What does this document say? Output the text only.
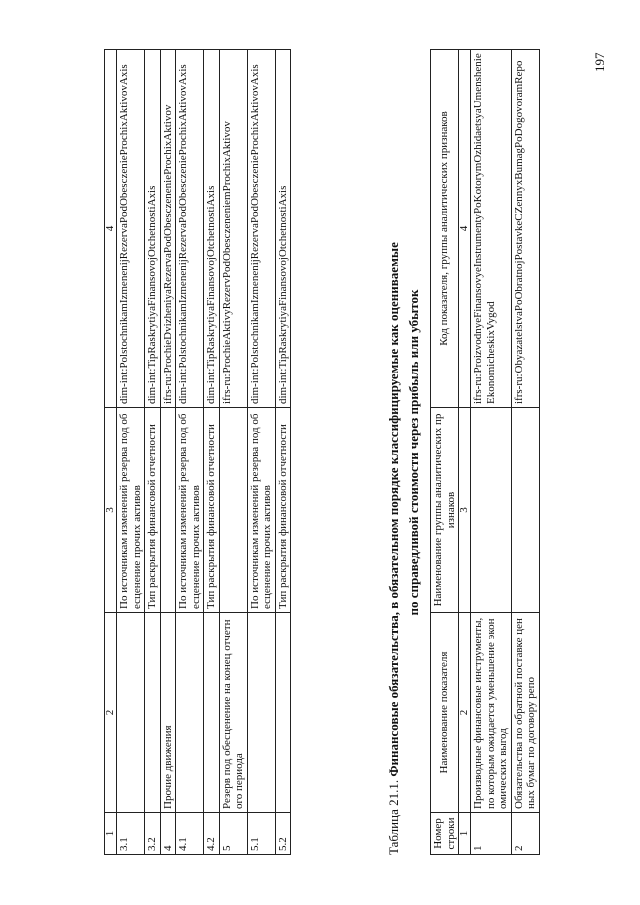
197
1	2	3	4
3.1		По источникам изменений резерва под обесценение прочих активов	dim-int:PolstochnikamIzmenenijRezervaPodObesczenieProchixAktivovAxis
3.2		Тип раскрытия финансовой отчетности	dim-int:TipRaskrytiyaFinansovojOtchetnostiAxis
4	Прочие движения		ifrs-ru:ProchieDvizheniyaRezervaPodObesczenenieProchixAktivov
4.1		По источникам изменений резерва под обесценение прочих активов	dim-int:PolstochnikamIzmenenijRezervaPodObesczenieProchixAktivovAxis
4.2		Тип раскрытия финансовой отчетности	dim-int:TipRaskrytiyaFinansovojOtchetnostiAxis
5	Резерв под обесценение на конец отчетного периода		ifrs-ru:ProchieAktivyRezervPodObesczeneniemProchixAktivov
5.1		По источникам изменений резерва под обесценение прочих активов	dim-int:PolstochnikamIzmenenijRezervaPodObesczenieProchixAktivovAxis
5.2		Тип раскрытия финансовой отчетности	dim-int:TipRaskrytiyaFinansovojOtchetnostiAxis
Таблица 21.1. Финансовые обязательства, в обязательном порядке классифицируемые как оцениваемые по справедливой стоимости через прибыль или убыток
Номер строки	Наименование показателя	Наименование группы аналитических признаков	Код показателя, группы аналитических признаков
1	2	3	4
1	Производные финансовые инструменты, по которым ожидается уменьшение экономических выгод		ifrs-ru:ProizvodnyeFinansovyeInstrumentyPoKotorymOzhidaetsyaUmensheniеEkonomicheskixVygod
2	Обязательства по обратной поставке ценных бумаг по договору репо		ifrs-ru:ObyazatelstvaPoObratnojPostavkeCZennyxBumagPoDogovoramRepo
